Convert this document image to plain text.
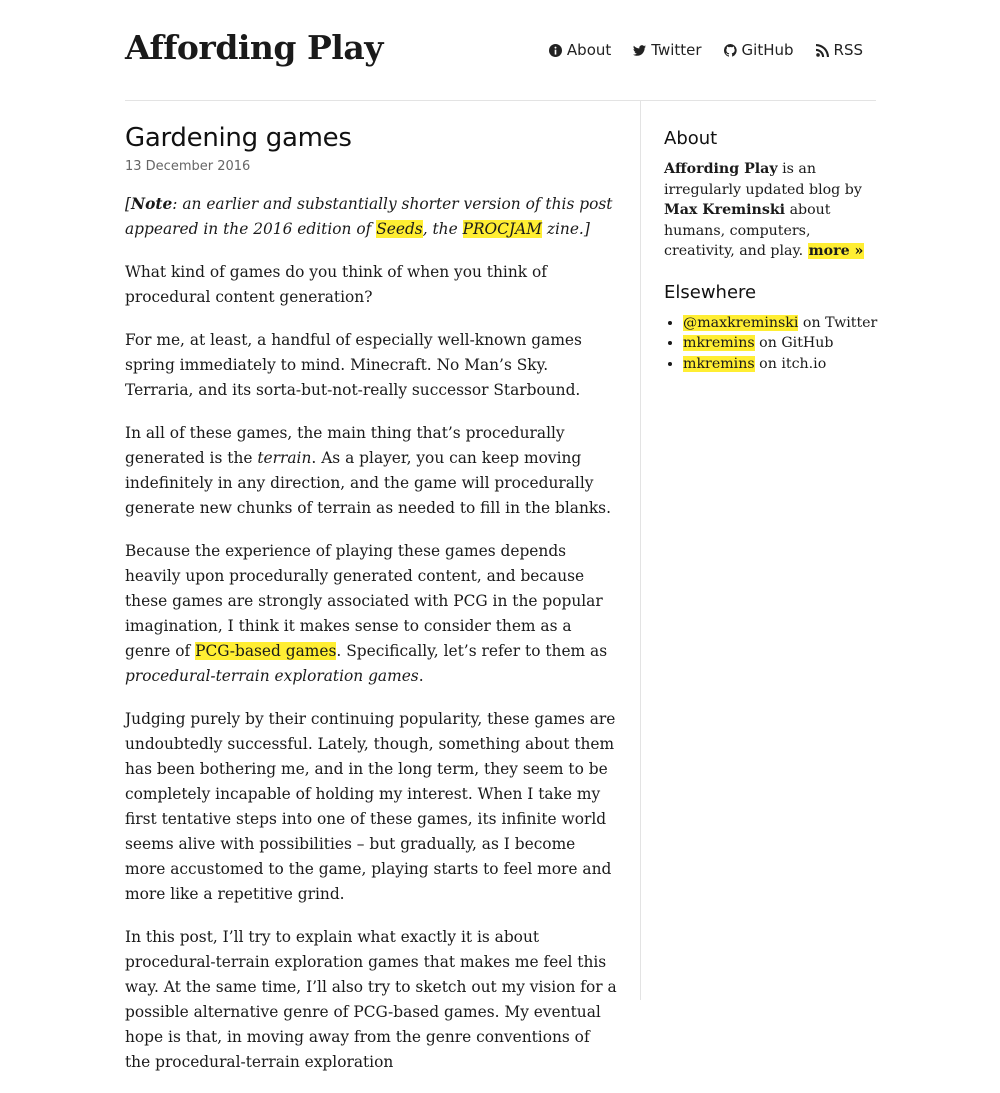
Affording Play	About	Twitter	GitHub	RSS
Gardening games
13 December 2016

[Note: an earlier and substantially shorter version of this post appeared in the 2016 edition of Seeds, the PROCJAM zine.]

What kind of games do you think of when you think of procedural content generation?

For me, at least, a handful of especially well-known games spring immediately to mind. Minecraft. No Man’s Sky. Terraria, and its sorta-but-not-really successor Starbound.

In all of these games, the main thing that’s procedurally generated is the terrain. As a player, you can keep moving indefinitely in any direction, and the game will procedurally generate new chunks of terrain as needed to fill in the blanks.

Because the experience of playing these games depends heavily upon procedurally generated content, and because these games are strongly associated with PCG in the popular imagination, I think it makes sense to consider them as a genre of PCG-based games. Specifically, let’s refer to them as procedural-terrain exploration games.

Judging purely by their continuing popularity, these games are undoubtedly successful. Lately, though, something about them has been bothering me, and in the long term, they seem to be completely incapable of holding my interest. When I take my first tentative steps into one of these games, its infinite world seems alive with possibilities – but gradually, as I become more accustomed to the game, playing starts to feel more and more like a repetitive grind.

In this post, I’ll try to explain what exactly it is about procedural-terrain exploration games that makes me feel this way. At the same time, I’ll also try to sketch out my vision for a possible alternative genre of PCG-based games. My eventual hope is that, in moving away from the genre conventions of the procedural-terrain exploration

About

Affording Play is an irregularly updated blog by Max Kreminski about humans, computers, creativity, and play. more »

Elsewhere
• @maxkreminski on Twitter
• mkremins on GitHub
• mkremins on itch.io
